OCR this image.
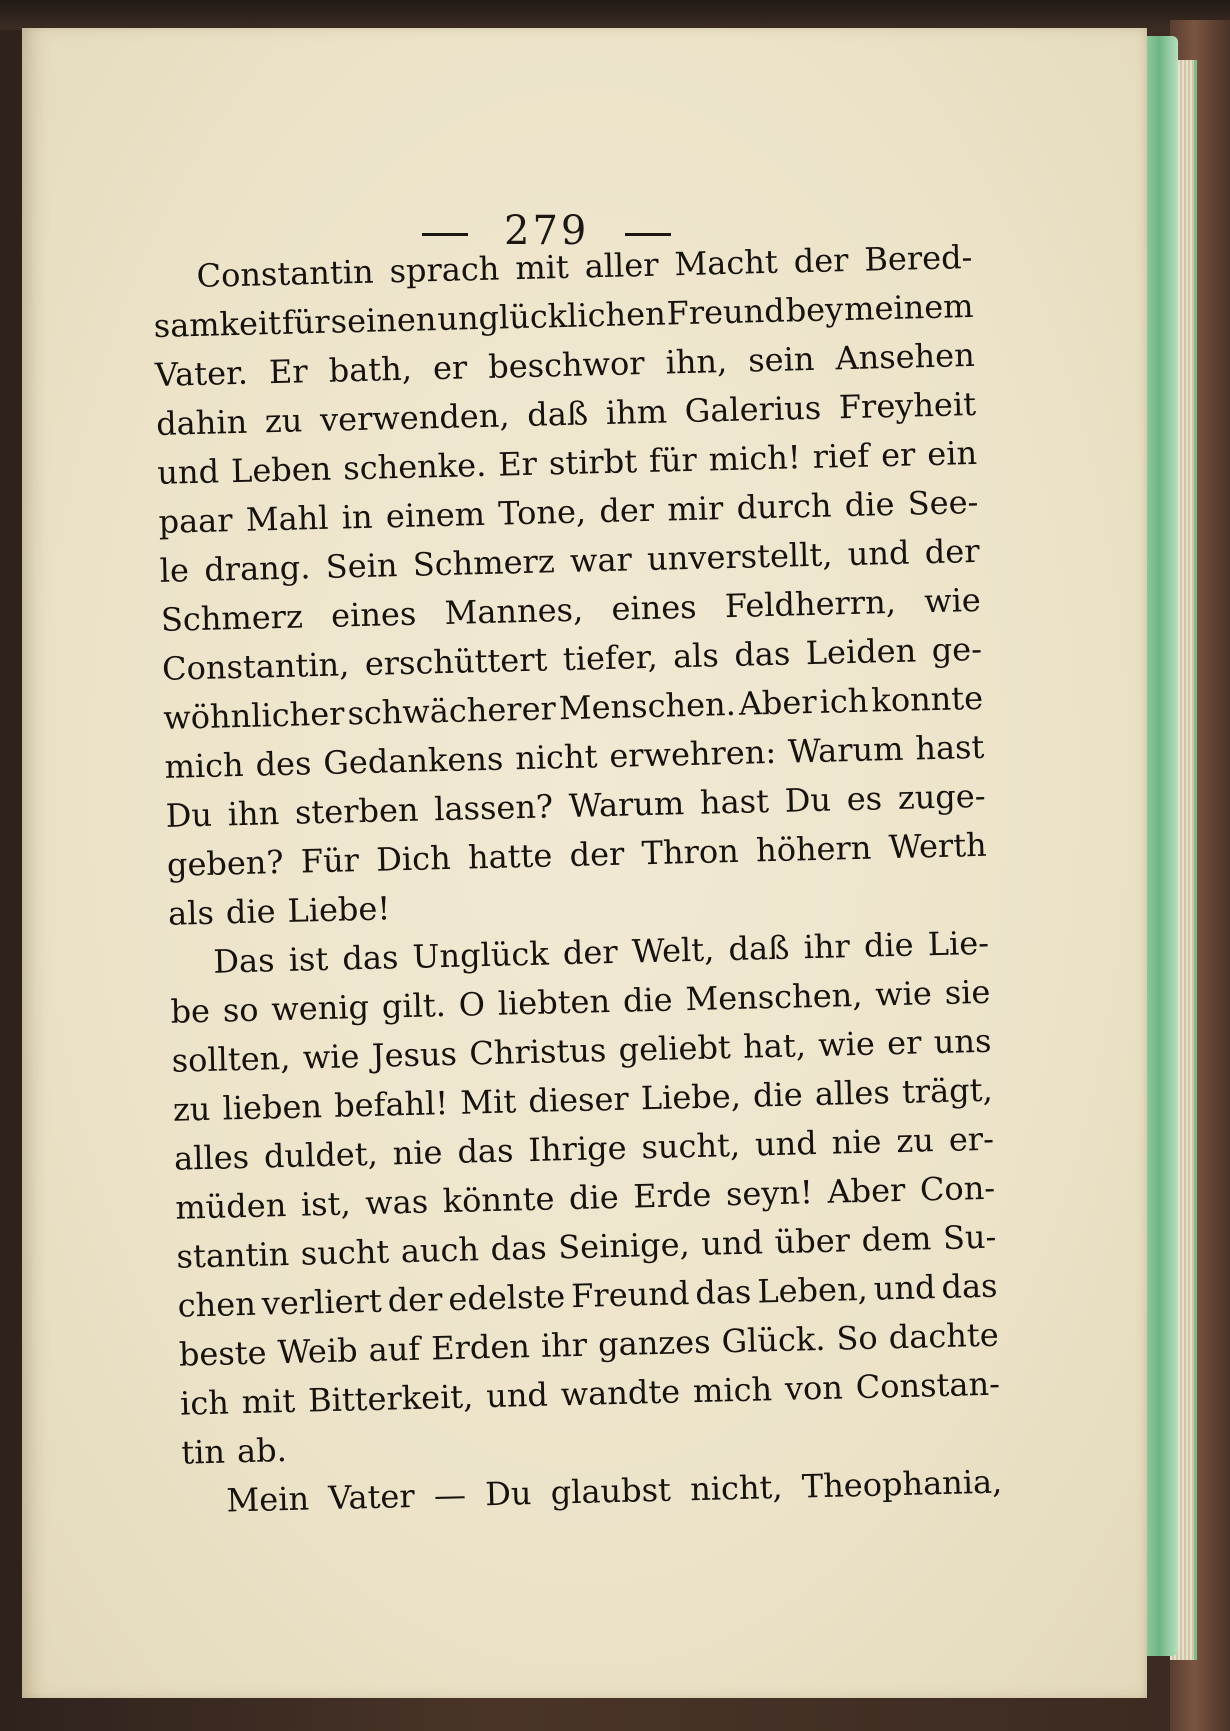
279
Constantin sprach mit aller Macht der Bered-
samkeit für seinen unglücklichen Freund bey meinem
Vater. Er bath, er beschwor ihn, sein Ansehen
dahin zu verwenden, daß ihm Galerius Freyheit
und Leben schenke. Er stirbt für mich! rief er ein
paar Mahl in einem Tone, der mir durch die See-
le drang. Sein Schmerz war unverstellt, und der
Schmerz eines Mannes, eines Feldherrn, wie
Constantin, erschüttert tiefer, als das Leiden ge-
wöhnlicher schwächerer Menschen. Aber ich konnte
mich des Gedankens nicht erwehren: Warum hast
Du ihn sterben lassen? Warum hast Du es zuge-
geben? Für Dich hatte der Thron höhern Werth
als die Liebe!
Das ist das Unglück der Welt, daß ihr die Lie-
be so wenig gilt. O liebten die Menschen, wie sie
sollten, wie Jesus Christus geliebt hat, wie er uns
zu lieben befahl! Mit dieser Liebe, die alles trägt,
alles duldet, nie das Ihrige sucht, und nie zu er-
müden ist, was könnte die Erde seyn! Aber Con-
stantin sucht auch das Seinige, und über dem Su-
chen verliert der edelste Freund das Leben, und das
beste Weib auf Erden ihr ganzes Glück. So dachte
ich mit Bitterkeit, und wandte mich von Constan-
tin ab.
Mein Vater — Du glaubst nicht, Theophania,
